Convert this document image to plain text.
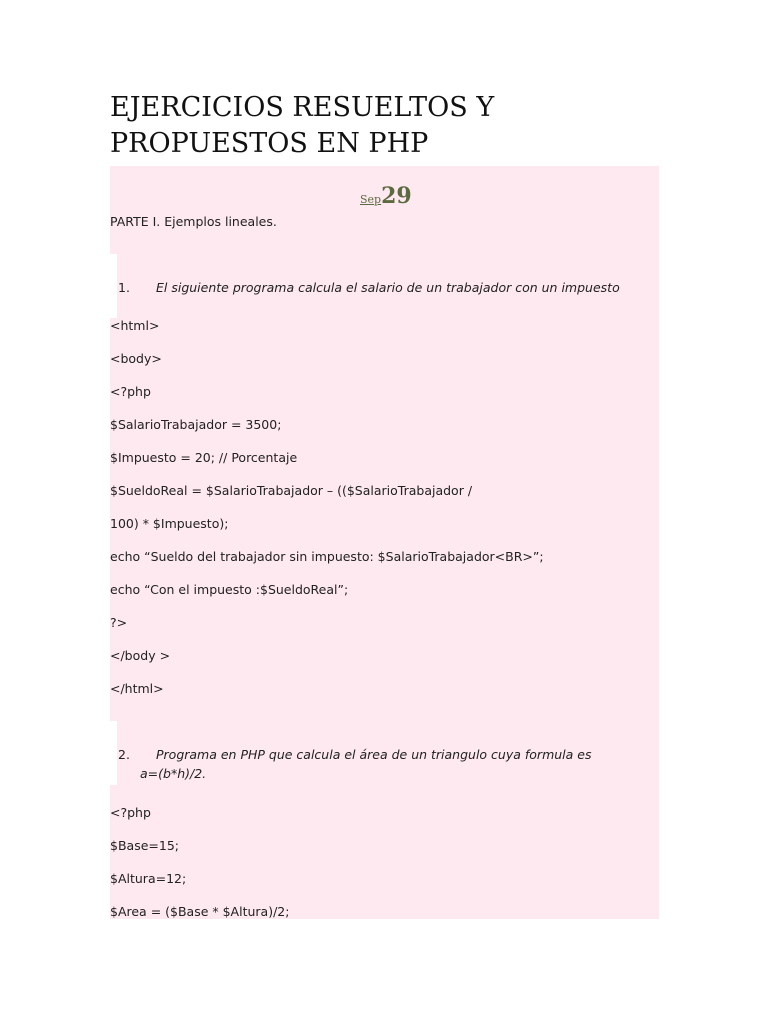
EJERCICIOS RESUELTOS Y
PROPUESTOS EN PHP
Sep29
PARTE I. Ejemplos lineales.
1.	El siguiente programa calcula el salario de un trabajador con un impuesto
<html>
<body>
<?php
$SalarioTrabajador = 3500;
$Impuesto = 20; // Porcentaje
$SueldoReal = $SalarioTrabajador – (($SalarioTrabajador /
100) * $Impuesto);
echo “Sueldo del trabajador sin impuesto: $SalarioTrabajador<BR>”;
echo “Con el impuesto :$SueldoReal”;
?>
</body >
</html>
2.	Programa en PHP que calcula el área de un triangulo cuya formula es
a=(b*h)/2.
<?php
$Base=15;
$Altura=12;
$Area = ($Base * $Altura)/2;
